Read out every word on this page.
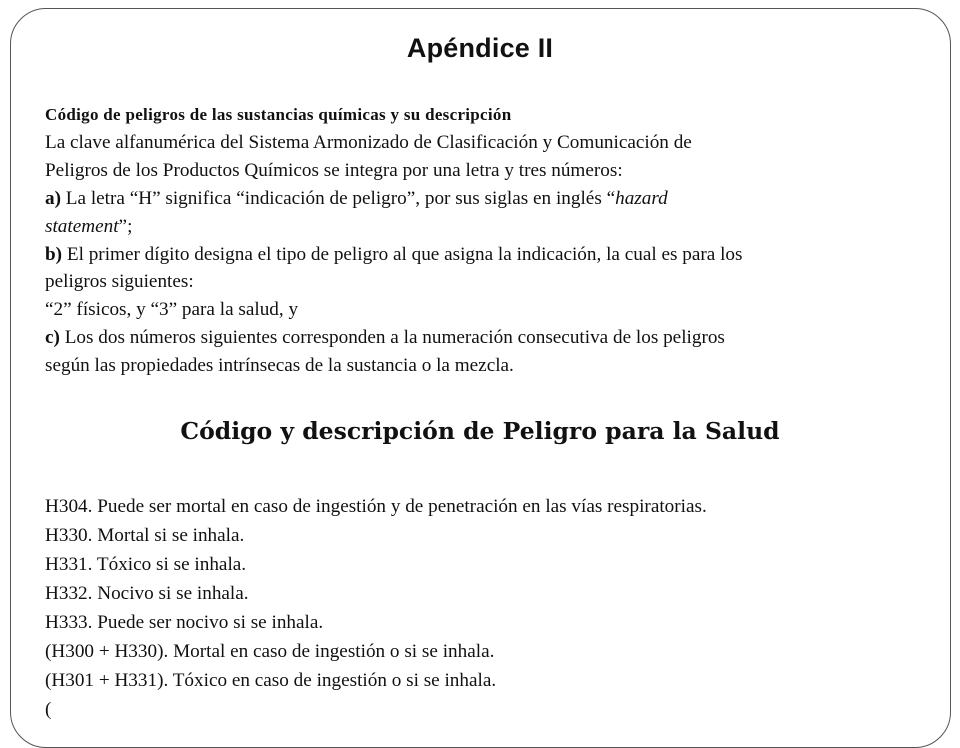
Apéndice II

Código de peligros de las sustancias químicas y su descripción

La clave alfanumérica del Sistema Armonizado de Clasificación y Comunicación de

Peligros de los Productos Químicos se integra por una letra y tres números:

a) La letra “H” significa “indicación de peligro”, por sus siglas en inglés “hazard

statement”;

b) El primer dígito designa el tipo de peligro al que asigna la indicación, la cual es para los

peligros siguientes:

“2” físicos, y “3” para la salud, y

c) Los dos números siguientes corresponden a la numeración consecutiva de los peligros

según las propiedades intrínsecas de la sustancia o la mezcla.

Código y descripción de Peligro para la Salud

H304. Puede ser mortal en caso de ingestión y de penetración en las vías respiratorias.

H330. Mortal si se inhala.

H331. Tóxico si se inhala.

H332. Nocivo si se inhala.

H333. Puede ser nocivo si se inhala.

(H300 + H330). Mortal en caso de ingestión o si se inhala.

(H301 + H331). Tóxico en caso de ingestión o si se inhala.

(
